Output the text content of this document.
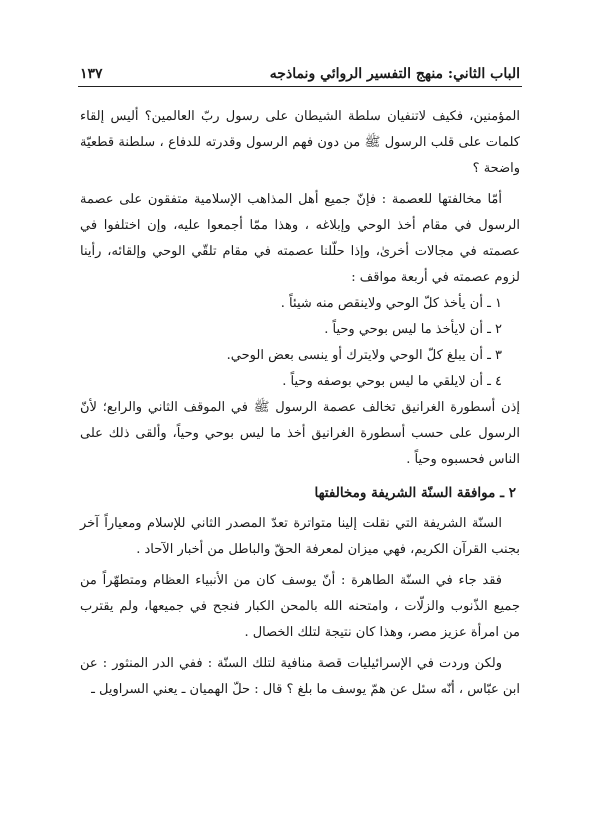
الباب الثاني: منهج التفسير الروائي ونماذجه
١٣٧

المؤمنين، فكيف لاتنفيان سلطة الشيطان على رسول ربّ العالمين؟ أليس إلقاء كلمات على قلب الرسول ﷺ من دون فهم الرسول وقدرته للدفاع ، سلطنة قطعيّة واضحة ؟

أمّا مخالفتها للعصمة : فإنّ جميع أهل المذاهب الإسلامية متفقون على عصمة الرسول في مقام أخذ الوحي وإبلاغه ، وهذا ممّا أجمعوا عليه، وإن اختلفوا في عصمته في مجالات أخرىٰ، وإذا حلّلنا عصمته في مقام تلقّي الوحي وإلقائه، رأينا لزوم عصمته في أربعة مواقف :

١ ـ أن يأخذ كلّ الوحي ولاينقص منه شيئاً .
٢ ـ أن لايأخذ ما ليس بوحي وحياً .
٣ ـ أن يبلغ كلّ الوحي ولايترك أو ينسى بعض الوحي.
٤ ـ أن لايلقي ما ليس بوحي بوصفه وحياً .

إذن أسطورة الغرانيق تخالف عصمة الرسول ﷺ في الموقف الثاني والرابع؛ لأنّ الرسول على حسب أسطورة الغرانيق أخذ ما ليس بوحي وحياً، وألقى ذلك على الناس فحسبوه وحياً .

٢ ـ موافقة السنّة الشريفة ومخالفتها

السنّة الشريفة التي نقلت إلينا متواترة تعدّ المصدر الثاني للإسلام ومعياراً آخر بجنب القرآن الكريم، فهي ميزان لمعرفة الحقّ والباطل من أخبار الآحاد .

فقد جاء في السنّة الطاهرة : أنّ يوسف كان من الأنبياء العظام ومتطهّراً من جميع الذّنوب والزلّات ، وامتحنه الله بالمحن الكبار فنجح في جميعها، ولم يقترب من امرأة عزيز مصر، وهذا كان نتيجة لتلك الخصال .

ولكن وردت في الإسرائيليات قصة منافية لتلك السنّة : ففي الدر المنثور : عن ابن عبّاس ، أنّه سئل عن همّ يوسف ما بلغ ؟ قال : حلّ الهميان ـ يعني السراويل ـ
